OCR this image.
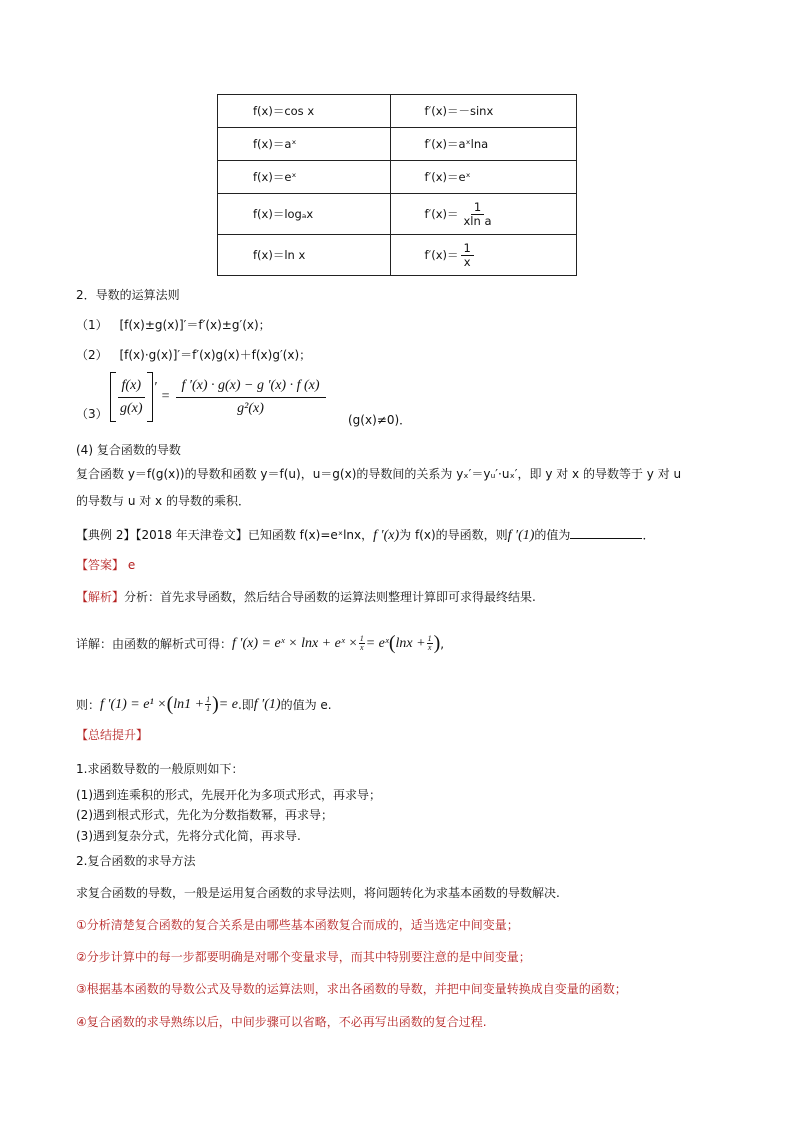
f(x)＝cos x	f′(x)＝－sinx
f(x)＝aˣ	f′(x)＝aˣlna
f(x)＝eˣ	f′(x)＝eˣ
f(x)＝logₐx	$f'(x)= \frac{1}{\text{xln a}}$

f(x)＝ln x	$f'(x)= \frac{1}{x}$
2．导数的运算法则
（1） [f(x)±g(x)]′＝f′(x)±g′(x)；
（2） [f(x)·g(x)]′＝f′(x)g(x)＋f(x)g′(x)；
$(3) \frac{f(x)}{g(x)}$ ′
= $\frac{f '(x) \cdot g(x) - g '(x) \cdot f (x)}{\text{g²(x)}}$
(g(x)≠0)．
(4) 复合函数的导数
复合函数 y＝f(g(x))的导数和函数 y＝f(u)，u＝g(x)的导数间的关系为 yₓ′＝yᵤ′·uₓ′，即 y 对 x 的导数等于 y 对 u
的导数与 u 对 x 的导数的乘积．
【典例 2】【2018 年天津卷文】 已知函数 f(x)=eˣlnx， f ′(x) 为 f(x)的导函数，则 f ′(1) 的值为	．
【答案】 e
【解析】分析：首先求导函数，然后结合导函数的运算法则整理计算即可求得最终结果.
详解：由函数的解析式可得： f ′(x) = eˣ × lnx + eˣ × $\frac{1}{x}$ = eˣ ( $\ln x + \frac{1}{x}$ ) ,
则： f ′(1) = e¹ × ( $\ln 1 + \frac{1}{1}$ ) = e .即 f ′(1) 的值为 e.
【总结提升】
1.求函数导数的一般原则如下：
(1)遇到连乘积的形式，先展开化为多项式形式，再求导；
(2)遇到根式形式，先化为分数指数幂，再求导；
(3)遇到复杂分式，先将分式化简，再求导.
2.复合函数的求导方法
求复合函数的导数，一般是运用复合函数的求导法则，将问题转化为求基本函数的导数解决.
①分析清楚复合函数的复合关系是由哪些基本函数复合而成的，适当选定中间变量；
②分步计算中的每一步都要明确是对哪个变量求导，而其中特别要注意的是中间变量；
③根据基本函数的导数公式及导数的运算法则，求出各函数的导数，并把中间变量转换成自变量的函数；
④复合函数的求导熟练以后，中间步骤可以省略，不必再写出函数的复合过程.
